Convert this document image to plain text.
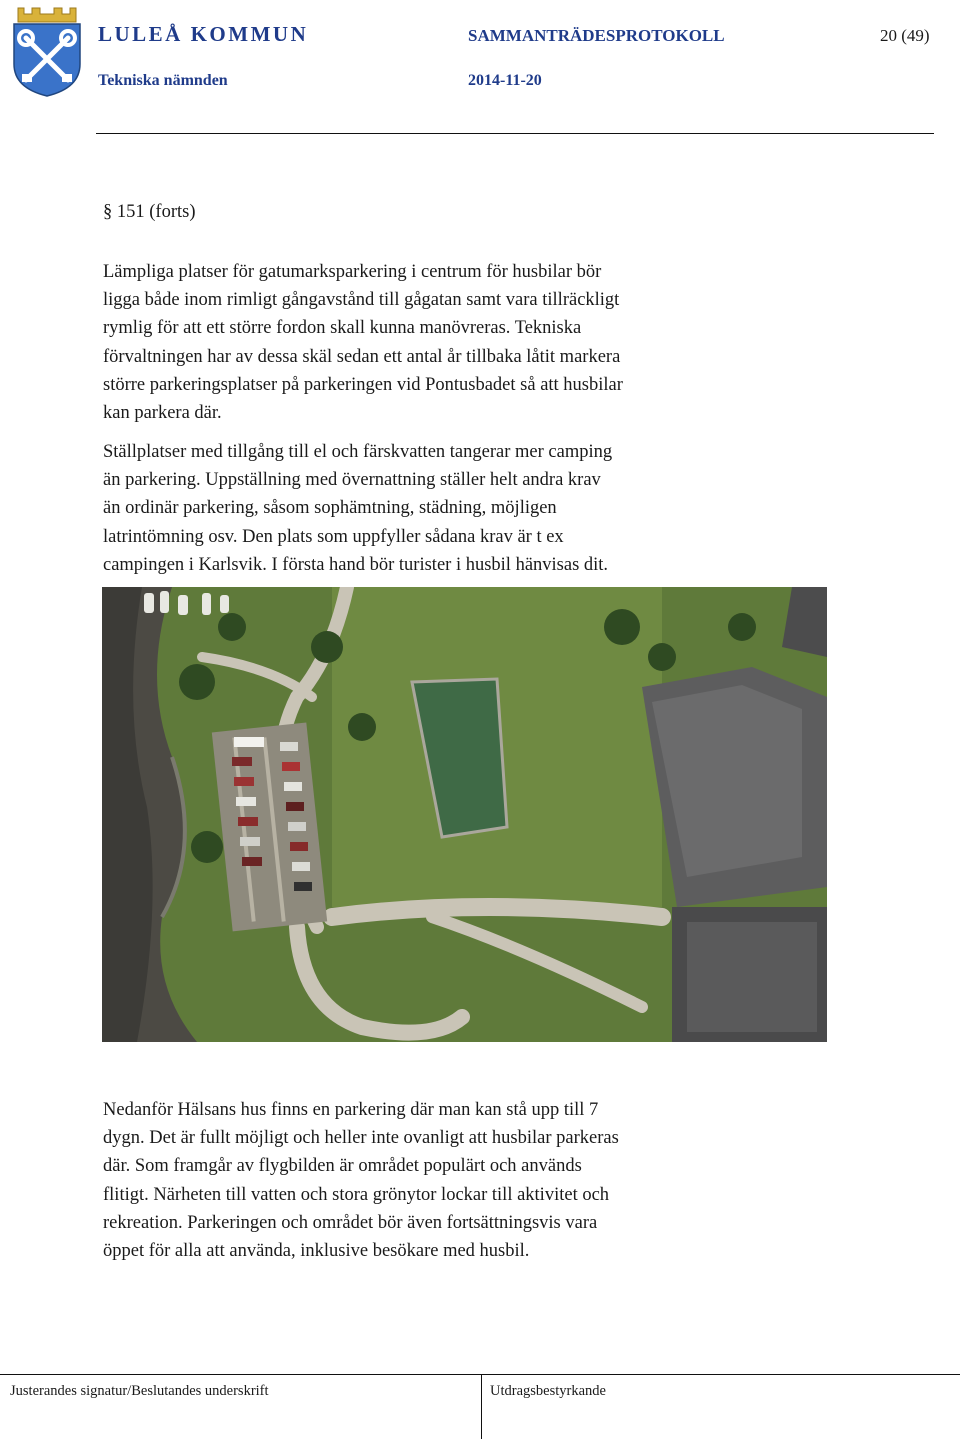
LULEÅ KOMMUN
Tekniska nämnden
SAMMANTRÄDESPROTOKOLL
2014-11-20
20 (49)
§ 151 (forts)
Lämpliga platser för gatumarksparkering i centrum för husbilar bör
ligga både inom rimligt gångavstånd till gågatan samt vara tillräckligt
rymlig för att ett större fordon skall kunna manövreras. Tekniska
förvaltningen har av dessa skäl sedan ett antal år tillbaka låtit markera
större parkeringsplatser på parkeringen vid Pontusbadet så att husbilar
kan parkera där.
Ställplatser med tillgång till el och färskvatten tangerar mer camping
än parkering. Uppställning med övernattning ställer helt andra krav
än ordinär parkering, såsom sophämtning, städning, möjligen
latrintömning osv. Den plats som uppfyller sådana krav är t ex
campingen i Karlsvik. I första hand bör turister i husbil hänvisas dit.
Nedanför Hälsans hus finns en parkering där man kan stå upp till 7
dygn. Det är fullt möjligt och heller inte ovanligt att husbilar parkeras
där. Som framgår av flygbilden är området populärt och används
flitigt. Närheten till vatten och stora grönytor lockar till aktivitet och
rekreation. Parkeringen och området bör även fortsättningsvis vara
öppet för alla att använda, inklusive besökare med husbil.
Justerandes signatur/Beslutandes underskrift	Utdragsbestyrkande
